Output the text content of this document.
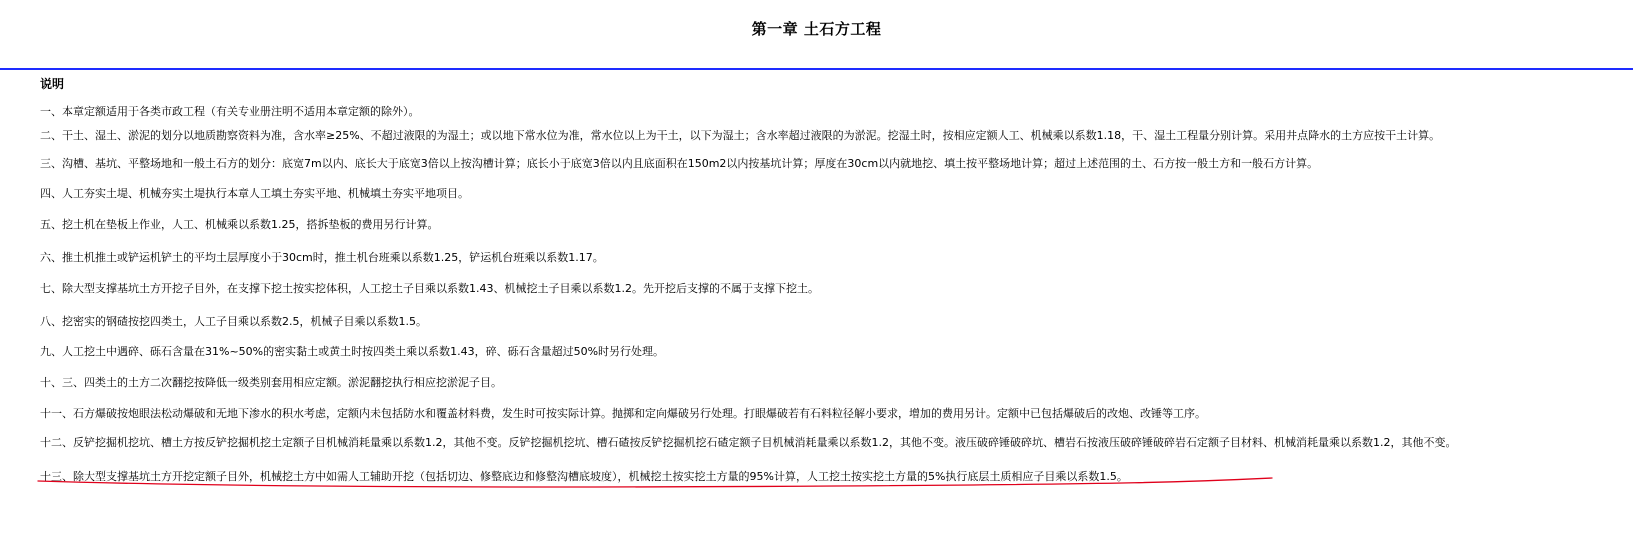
第一章 土石方工程
说明

一、本章定额适用于各类市政工程（有关专业册注明不适用本章定额的除外）。

二、干土、湿土、淤泥的划分以地质勘察资料为准，含水率≥25%、不超过液限的为湿土；或以地下常水位为准，常水位以上为干土，以下为湿土；含水率超过液限的为淤泥。挖湿土时，按相应定额人工、机械乘以系数1.18，干、湿土工程量分别计算。采用井点降水的土方应按干土计算。

三、沟槽、基坑、平整场地和一般土石方的划分：底宽7m以内、底长大于底宽3倍以上按沟槽计算；底长小于底宽3倍以内且底面积在150m2以内按基坑计算；厚度在30cm以内就地挖、填土按平整场地计算；超过上述范围的土、石方按一般土方和一般石方计算。

四、人工夯实土堤、机械夯实土堤执行本章人工填土夯实平地、机械填土夯实平地项目。

五、挖土机在垫板上作业，人工、机械乘以系数1.25，搭拆垫板的费用另行计算。

六、推土机推土或铲运机铲土的平均土层厚度小于30cm时，推土机台班乘以系数1.25，铲运机台班乘以系数1.17。

七、除大型支撑基坑土方开挖子目外，在支撑下挖土按实挖体积，人工挖土子目乘以系数1.43、机械挖土子目乘以系数1.2。先开挖后支撑的不属于支撑下挖土。

八、挖密实的钢碴按挖四类土，人工子目乘以系数2.5，机械子目乘以系数1.5。

九、人工挖土中遇碎、砾石含量在31%~50%的密实黏土或黄土时按四类土乘以系数1.43，碎、砾石含量超过50%时另行处理。

十、三、四类土的土方二次翻挖按降低一级类别套用相应定额。淤泥翻挖执行相应挖淤泥子目。

十一、石方爆破按炮眼法松动爆破和无地下渗水的积水考虑，定额内未包括防水和覆盖材料费，发生时可按实际计算。抛掷和定向爆破另行处理。打眼爆破若有石料粒径解小要求，增加的费用另计。定额中已包括爆破后的改炮、改锤等工序。

十二、反铲挖掘机挖坑、槽土方按反铲挖掘机挖土定额子目机械消耗量乘以系数1.2，其他不变。反铲挖掘机挖坑、槽石碴按反铲挖掘机挖石碴定额子目机械消耗量乘以系数1.2，其他不变。液压破碎锤破碎坑、槽岩石按液压破碎锤破碎岩石定额子目材料、机械消耗量乘以系数1.2，其他不变。

十三、除大型支撑基坑土方开挖定额子目外，机械挖土方中如需人工辅助开挖（包括切边、修整底边和修整沟槽底坡度），机械挖土按实挖土方量的95%计算，人工挖土按实挖土方量的5%执行底层土质相应子目乘以系数1.5。
